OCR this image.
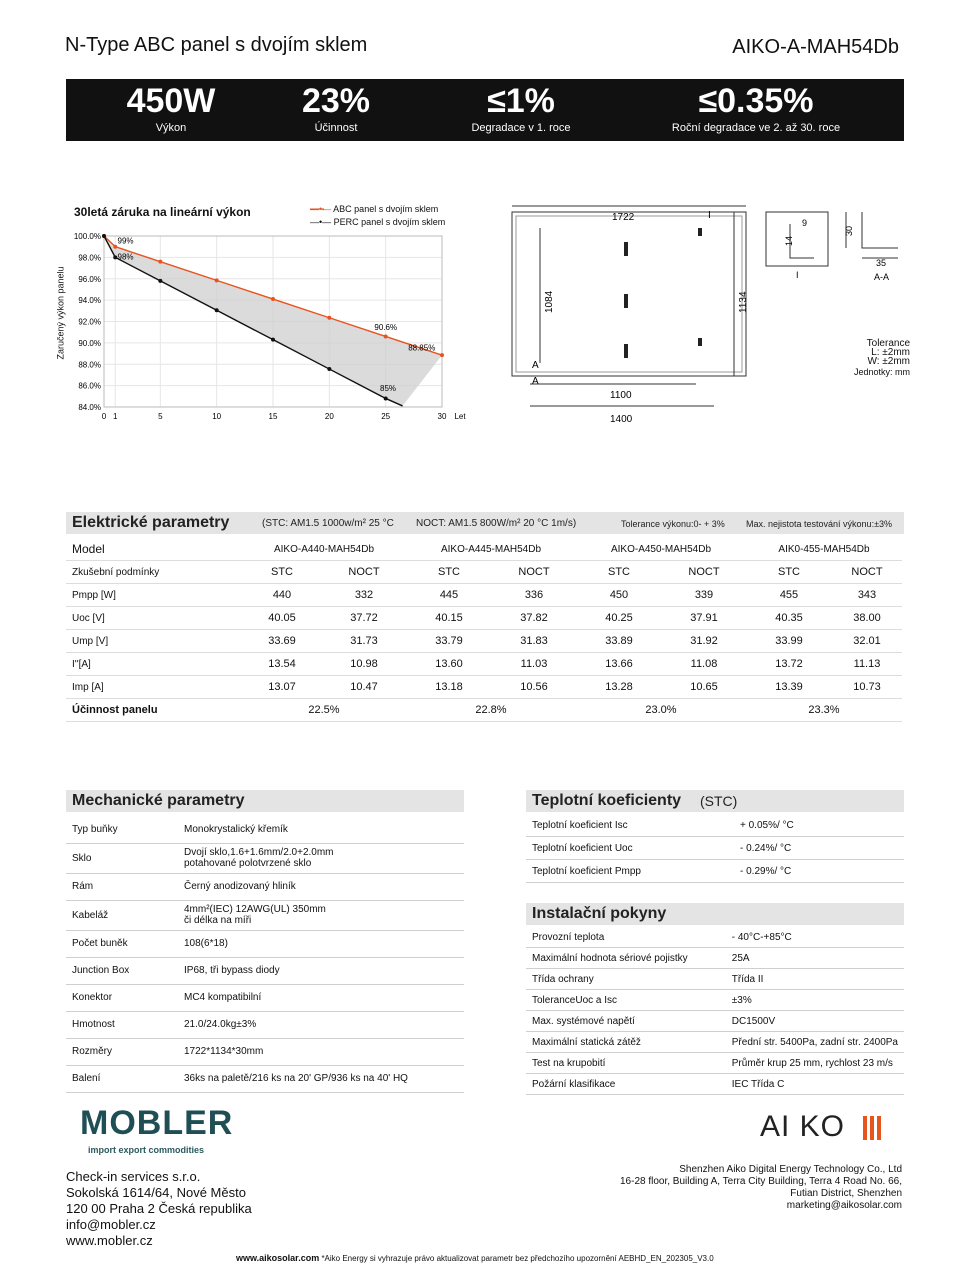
N-Type ABC panel s dvojím sklem	AIKO-A-MAH54Db
450W
Výkon
23%
Účinnost
≤1%
Degradace v 1. roce
≤0.35%
Roční degradace ve 2. až 30. roce
30letá záruka na lineární výkon	—•— ABC panel s dvojím sklem
—•— PERC panel s dvojím sklem
Zaručený výkon panelu
100.0%
98.0%
96.0%
94.0%
92.0%
90.0%
88.0%
86.0%
84.0%
0 1	5	10	15	20	25	30 Let
99%
98%
90.6%
88.85%
85%
1722	I
1084	1134
1100
1400
A
A
9
14
I
30
35
A-A
Tolerance
L: ±2mm
W: ±2mm
Jednotky: mm
Elektrické parametry	(STC: AM1.5 1000w/m² 25 °C NOCT: AM1.5 800W/m² 20 °C 1m/s)	Tolerance výkonu:0- + 3% Max. nejistota testování výkonu:±3%
Model	AIKO-A440-MAH54Db		AIKO-A445-MAH54Db		AIKO-A450-MAH54Db		AIK0-455-MAH54Db		
Zkušební podmínky	STC	NOCT	STC	NOCT	STC	NOCT	STC	NOCT	
Pmpp [W]	440	332	445	336	450	339	455	343	
Uoc [V]	40.05	37.72	40.15	37.82	40.25	37.91	40.35	38.00	
Ump [V]	33.69	31.73	33.79	31.83	33.89	31.92	33.99	32.01	
I''[A]	13.54	10.98	13.60	11.03	13.66	11.08	13.72	11.13	
Imp [A]	13.07	10.47	13.18	10.56	13.28	10.65	13.39	10.73	
Účinnost panelu	22.5%		22.8%		23.0%		23.3%		
Mechanické parametry
Typ buňky	Monokrystalický křemík

Sklo	Dvojí sklo,1.6+1.6mm/2.0+2.0mm
potahované polotvrzené sklo

Rám	Černý anodizovaný hliník

Kabeláž	4mm²(IEC) 12AWG(UL) 350mm
či délka na míři

Počet buněk	108(6*18)

Junction Box	IP68, tři bypass diody

Konektor	MC4 kompatibilní

Hmotnost	21.0/24.0kg±3%

Rozměry	1722*1134*30mm

Balení	36ks na paletě/216 ks na 20' GP/936 ks na 40' HQ
Teplotní koeficienty (STC)
Teplotní koeficient Isc	+ 0.05%/ °C
Teplotní koeficient Uoc	- 0.24%/ °C
Teplotní koeficient Pmpp	- 0.29%/ °C
Instalační pokyny
Provozní teplota	- 40°C-+85°C
Maximální hodnota sériové pojistky	25A
Třída ochrany	Třída II
ToleranceUoc a Isc	±3%
Max. systémové napětí	DC1500V
Maximální statická zátěž	Přední str. 5400Pa, zadní str. 2400Pa
Test na krupobití	Průměr krup 25 mm, rychlost 23 m/s
Požární klasifikace	IEC Třída C
MOBLER
import export commodities
Check-in services s.r.o.
Sokolská 1614/64, Nové Město
120 00 Praha 2 Česká republika
info@mobler.cz
www.mobler.cz
AI KO
Shenzhen Aiko Digital Energy Technology Co., Ltd
16-28 floor, Building A, Terra City Building, Terra 4 Road No. 66,
Futian District, Shenzhen
marketing@aikosolar.com
www.aikosolar.com *Aiko Energy si vyhrazuje právo aktualizovat parametr bez předchozího upozornění AEBHD_EN_202305_V3.0
